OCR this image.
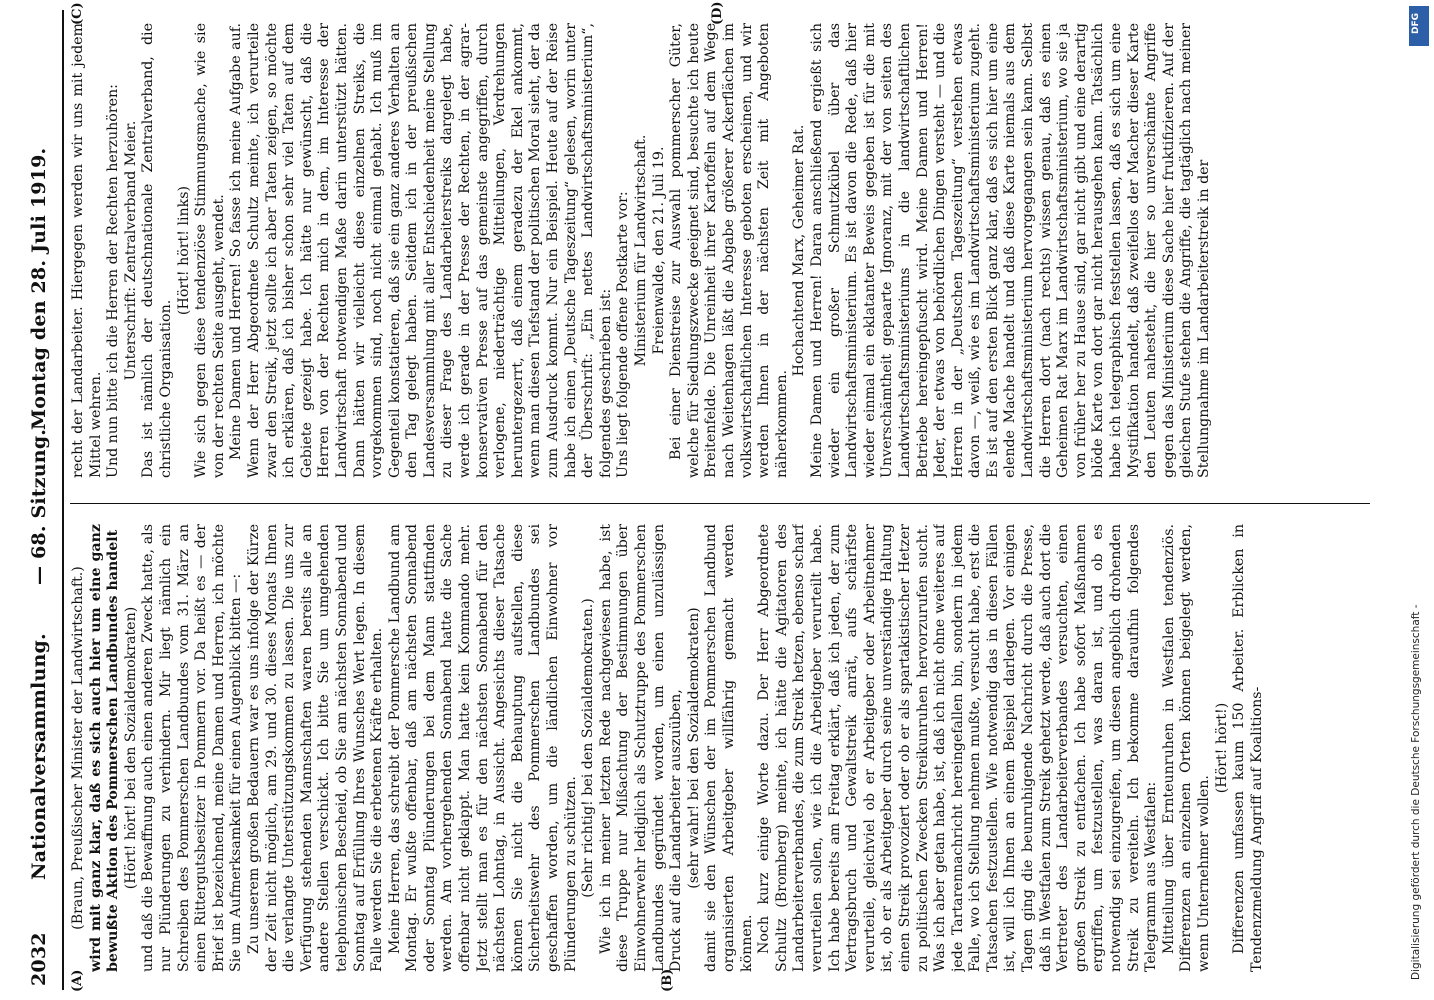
2032
Nationalversammlung.
— 68. Sitzung.
Montag den 28. Juli 1919.
(A)	(B)
(C)	(D)

(Braun, Preußischer Minister der Landwirtschaft.) wird mit ganz klar, daß es sich auch hier um eine ganz bewußte Aktion des Pommerschen Landbundes handelt (Hört! hört! bei den Sozialdemokraten) und daß die Bewaffnung auch einen anderen Zweck hatte, als nur Plünderungen zu verhindern. Mir liegt nämlich ein Schreiben des Pommerschen Landbundes vom 31. März an einen Rittergutsbesitzer in Pommern vor. Da heißt es — der Brief ist bezeichnend, meine Damen und Herren, ich möchte Sie um Aufmerksamkeit für einen Augenblick bitten —: Zu unserem großen Bedauern war es uns infolge der Kürze der Zeit nicht möglich, am 29. und 30. dieses Monats Ihnen die verlangte Unterstützungskommen zu lassen. Die uns zur Verfügung stehenden Mannschaften waren bereits alle an andere Stellen verschickt. Ich bitte Sie um umgehenden telephonischen Bescheid, ob Sie am nächsten Sonnabend und Sonntag auf Erfüllung Ihres Wunsches Wert legen. In diesem Falle werden Sie die erbetenen Kräfte erhalten. Meine Herren, das schreibt der Pommersche Landbund am Montag. Er wußte offenbar, daß am nächsten Sonnabend oder Sonntag Plünderungen bei dem Mann stattfinden werden. Am vorhergehenden Sonnabend hatte die Sache offenbar nicht geklappt. Man hatte kein Kommando mehr. Jetzt stellt man es für den nächsten Sonnabend für den nächsten Lohntag, in Aussicht. Angesichts dieser Tatsache können Sie nicht die Behauptung aufstellen, diese Sicherheitswehr des Pommerschen Landbundes sei geschaffen worden, um die ländlichen Einwohner vor Plünderungen zu schützen. (Sehr richtig! bei den Sozialdemokraten.) Wie ich in meiner letzten Rede nachgewiesen habe, ist diese Truppe nur Mißachtung der Bestimmungen über Einwohnerwehr lediglich als Schutztruppe des Pommerschen Landbundes gegründet worden, um einen unzulässigen Druck auf die Landarbeiter auszuüben, (sehr wahr! bei den Sozialdemokraten) damit sie den Wünschen der im Pommerschen Landbund organisierten Arbeitgeber willfährig gemacht werden können. Noch kurz einige Worte dazu. Der Herr Abgeordnete Schultz (Bromberg) meinte, ich hätte die Agitatoren des Landarbeiterverbandes, die zum Streik hetzen, ebenso scharf verurteilen sollen, wie ich die Arbeitgeber verurteilt habe. Ich habe bereits am Freitag erklärt, daß ich jeden, der zum Vertragsbruch und Gewaltstreik anrät, aufs schärfste verurteile, gleichviel ob er Arbeitgeber oder Arbeitnehmer ist, ob er als Arbeitgeber durch seine unverständige Haltung einen Streik provoziert oder ob er als spartakistischer Hetzer zu politischen Zwecken Streikunruhen hervorzurufen sucht. Was ich aber getan habe, ist, daß ich nicht ohne weiteres auf jede Tartarennachricht hereingefallen bin, sondern in jedem Falle, wo ich Stellung nehmen mußte, versucht habe, erst die Tatsachen festzustellen. Wie notwendig das in diesen Fällen ist, will ich Ihnen an einem Beispiel darlegen. Vor einigen Tagen ging die beunruhigende Nachricht durch die Presse, daß in Westfalen zum Streik gehetzt werde, daß auch dort die Vertreter des Landarbeiterverbandes versuchten, einen großen Streik zu entfachen. Ich habe sofort Maßnahmen ergriffen, um festzustellen, was daran ist, und ob es notwendig sei einzugreifen, um diesen angeblich drohenden Streik zu vereiteln. Ich bekomme daraufhin folgendes Telegramm aus Westfalen: Mitteilung über Ernteunruhen in Westfalen tendenziös. Differenzen an einzelnen Orten können beigelegt werden, wenn Unternehmer wollen.

(Hört! hört!) Differenzen umfassen kaum 150 Arbeiter. Erblicken in Tendenzmeldung Angriff auf Koalitions-

recht der Landarbeiter. Hiergegen werden wir uns mit jedem Mittel wehren. Und nun bitte ich die Herren der Rechten herzuhören: Unterschrift: Zentralverband Meier. Das ist nämlich der deutschnationale Zentralverband, die christliche Organisation.

(Hört! hört! links) Wie sich gegen diese tendenziöse Stimmungsmache, wie sie von der rechten Seite ausgeht, wendet. Meine Damen und Herren! So fasse ich meine Aufgabe auf. Wenn der Herr Abgeordnete Schultz meinte, ich verurteile zwar den Streik, jetzt sollte ich aber Taten zeigen, so möchte ich erklären, daß ich bisher schon sehr viel Taten auf dem Gebiete gezeigt habe. Ich hätte nur gewünscht, daß die Herren von der Rechten mich in dem, im Interesse der Landwirtschaft notwendigen Maße darin unterstützt hätten. Dann hätten wir vielleicht diese einzelnen Streiks, die vorgekommen sind, noch nicht einmal gehabt. Ich muß im Gegenteil konstatieren, daß sie ein ganz anderes Verhalten an den Tag gelegt haben. Seitdem ich in der preußischen Landesversammlung mit aller Entschiedenheit meine Stellung zu dieser Frage des Landarbeiterstreiks dargelegt habe, werde ich gerade in der Presse der Rechten, in der agrar-konservativen Presse auf das gemeinste angegriffen, durch verlogene, niederträchtige Mitteilungen, Verdrehungen heruntergezerrt, daß einem geradezu der Ekel ankommt, wenn man diesen Tiefstand der politischen Moral sieht, der da zum Ausdruck kommt. Nur ein Beispiel. Heute auf der Reise habe ich einen „Deutsche Tageszeitung“ gelesen, worin unter der Überschrift: „Ein nettes Landwirtschaftsministerium“, folgendes geschrieben ist: Uns liegt folgende offene Postkarte vor: Ministerium für Landwirtschaft. Freienwalde, den 21. Juli 19. Bei einer Dienstreise zur Auswahl pommerscher Güter, welche für Siedlungszwecke geeignet sind, besuchte ich heute Breitenfelde. Die Unreinheit ihrer Kartoffeln auf dem Wege nach Weitenhagen läßt die Abgabe größerer Ackerflächen im volkswirtschaftlichen Interesse geboten erscheinen, und wir werden Ihnen in der nächsten Zeit mit Angeboten näherkommen.

Hochachtend Marx, Geheimer Rat. Meine Damen und Herren! Daran anschließend ergießt sich wieder ein großer Schmutzkübel über das Landwirtschaftsministerium. Es ist davon die Rede, daß hier wieder einmal ein eklatanter Beweis gegeben ist für die mit Unverschämtheit gepaarte Ignoranz, mit der von seiten des Landwirtschaftsministeriums in die landwirtschaftlichen Betriebe hereingepfuscht wird. Meine Damen und Herren! Jeder, der etwas von behördlichen Dingen versteht — und die Herren in der „Deutschen Tageszeitung“ verstehen etwas davon —, weiß, wie es im Landwirtschaftsministerium zugeht. Es ist auf den ersten Blick ganz klar, daß es sich hier um eine elende Mache handelt und daß diese Karte niemals aus dem Landwirtschaftsministerium hervorgegangen sein kann. Selbst die Herren dort (nach rechts) wissen genau, daß es einen Geheimen Rat Marx im Landwirtschaftsministerium, wo sie ja von früher her zu Hause sind, gar nicht gibt und eine derartig blöde Karte von dort gar nicht herausgehen kann. Tatsächlich habe ich telegraphisch feststellen lassen, daß es sich um eine Mystifikation handelt, daß zweifellos der Macher dieser Karte den Leuten nahesteht, die hier so unverschämte Angriffe gegen das Ministerium diese Sache hier fruktifizieren. Auf der gleichen Stufe stehen die Angriffe, die tagtäglich nach meiner Stellungnahme im Landarbeiterstreik in der

DFG
Digitalisierung gefördert durch die Deutsche Forschungsgemeinschaft -
